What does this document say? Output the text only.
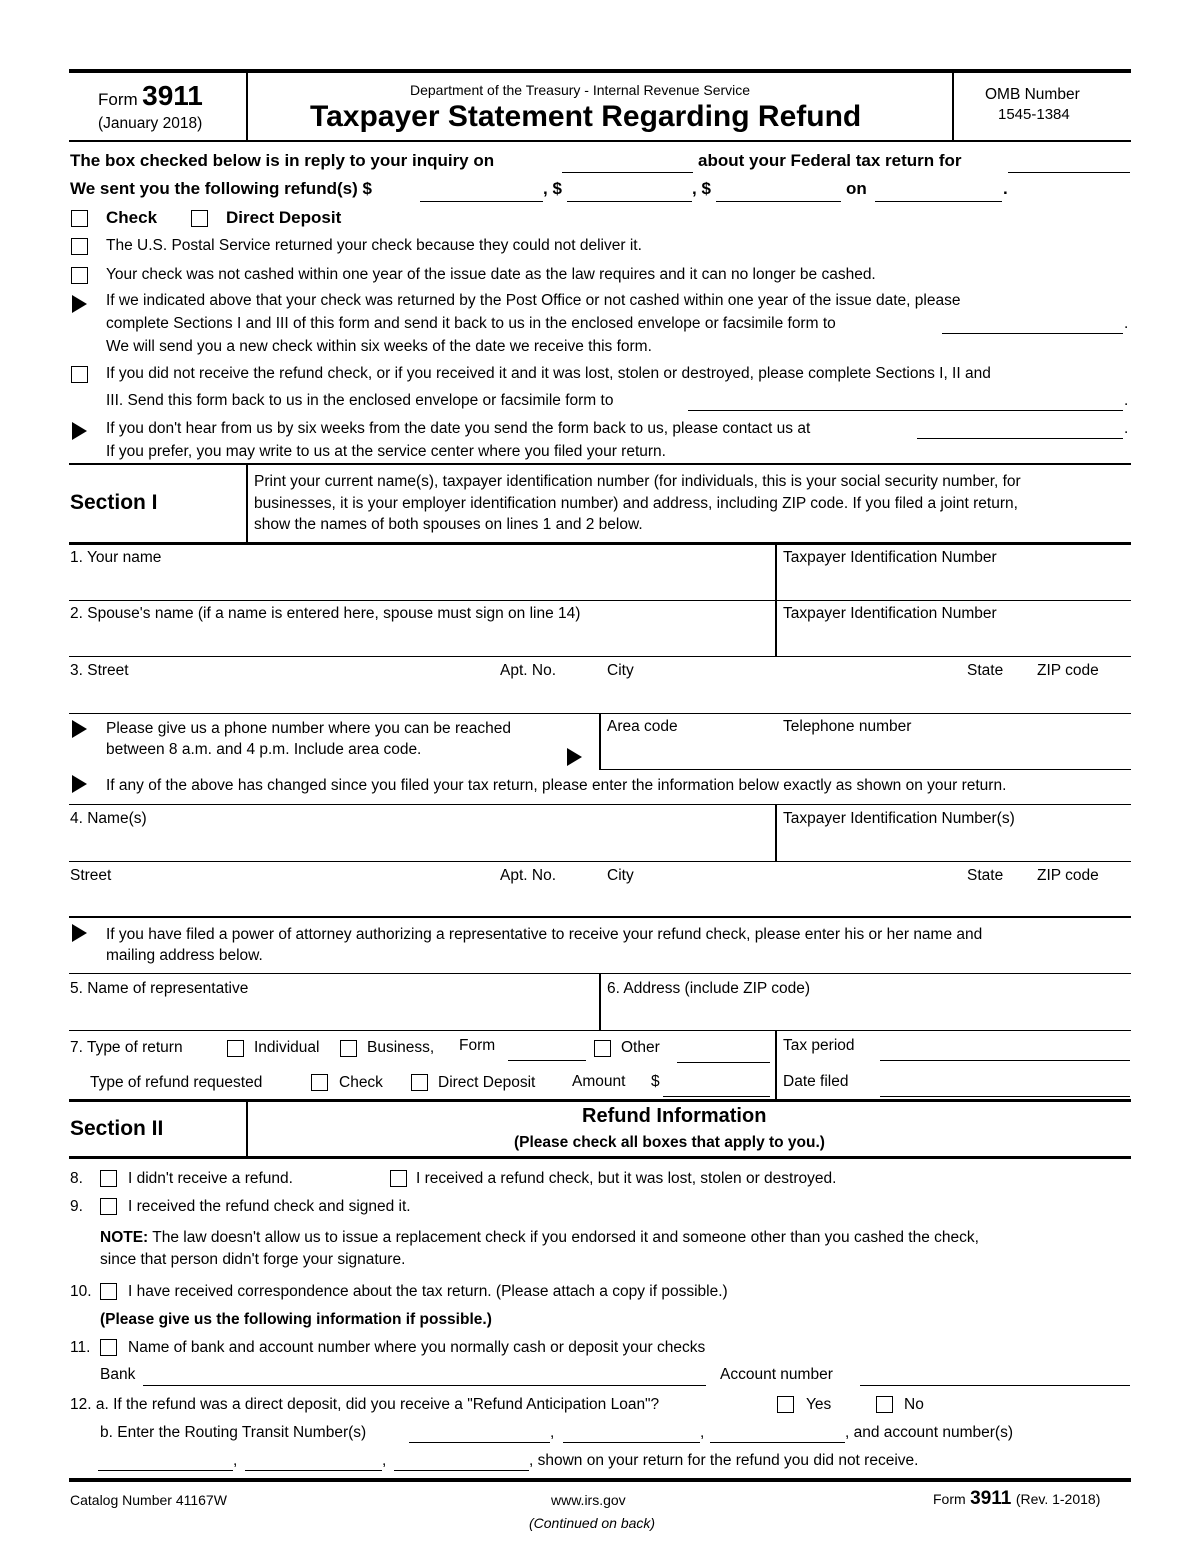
Form 3911
(January 2018)
Department of the Treasury - Internal Revenue Service
Taxpayer Statement Regarding Refund
OMB Number
1545-1384
The box checked below is in reply to your inquiry on	about your Federal tax return for
We sent you the following refund(s) $	, $	, $	on	.
Check	Direct Deposit
The U.S. Postal Service returned your check because they could not deliver it.
Your check was not cashed within one year of the issue date as the law requires and it can no longer be cashed.
If we indicated above that your check was returned by the Post Office or not cashed within one year of the issue date, please
complete Sections I and III of this form and send it back to us in the enclosed envelope or facsimile form to	.
We will send you a new check within six weeks of the date we receive this form.
If you did not receive the refund check, or if you received it and it was lost, stolen or destroyed, please complete Sections I, II and
III. Send this form back to us in the enclosed envelope or facsimile form to	.
If you don't hear from us by six weeks from the date you send the form back to us, please contact us at	.
If you prefer, you may write to us at the service center where you filed your return.
Section I
Print your current name(s), taxpayer identification number (for individuals, this is your social security number, for
businesses, it is your employer identification number) and address, including ZIP code. If you filed a joint return,
show the names of both spouses on lines 1 and 2 below.
1. Your name	Taxpayer Identification Number
2. Spouse's name (if a name is entered here, spouse must sign on line 14)	Taxpayer Identification Number
3. Street	Apt. No.	City	State ZIP code
Please give us a phone number where you can be reached
between 8 a.m. and 4 p.m. Include area code.
Area code	Telephone number
If any of the above has changed since you filed your tax return, please enter the information below exactly as shown on your return.
4. Name(s)	Taxpayer Identification Number(s)
Street	Apt. No.	City	State ZIP code
If you have filed a power of attorney authorizing a representative to receive your refund check, please enter his or her name and
mailing address below.
5. Name of representative	6. Address (include ZIP code)
7. Type of return	Individual	Business, Form	Other	Tax period
Type of refund requested	Check	Direct Deposit Amount $	Date filed
Section II
Refund Information
(Please check all boxes that apply to you.)
8.	I didn't receive a refund.	I received a refund check, but it was lost, stolen or destroyed.
9.	I received the refund check and signed it.
NOTE: The law doesn't allow us to issue a replacement check if you endorsed it and someone other than you cashed the check,
since that person didn't forge your signature.
10. I have received correspondence about the tax return. (Please attach a copy if possible.)
(Please give us the following information if possible.)
11. Name of bank and account number where you normally cash or deposit your checks
Bank	Account number
12. a. If the refund was a direct deposit, did you receive a "Refund Anticipation Loan"?	Yes	No
b. Enter the Routing Transit Number(s)	,	,	, and account number(s)
,	,	, shown on your return for the refund you did not receive.
Catalog Number 41167W	www.irs.gov	Form 3911 (Rev. 1-2018)
(Continued on back)
